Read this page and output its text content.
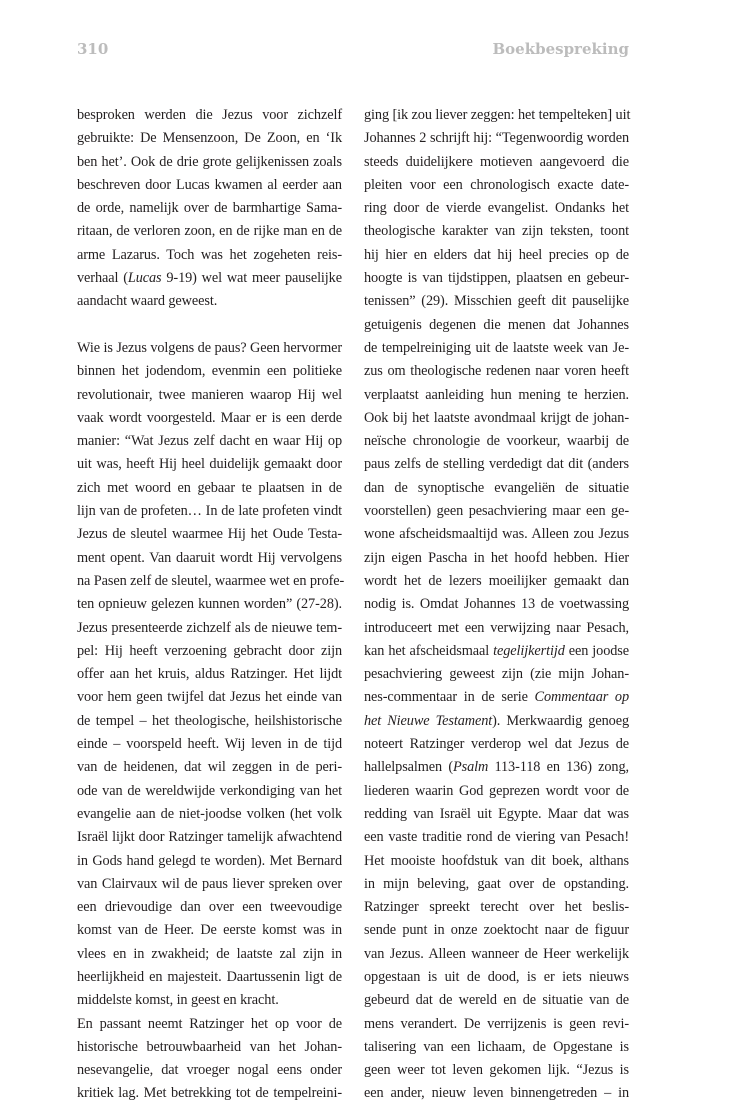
310	Boekbespreking
besproken werden die Jezus voor zichzelf
gebruikte: De Mensenzoon, De Zoon, en ‘Ik
ben het’. Ook de drie grote gelijkenissen zoals
beschreven door Lucas kwamen al eerder aan
de orde, namelijk over de barmhartige Sama-
ritaan, de verloren zoon, en de rijke man en de
arme Lazarus. Toch was het zogeheten reis-
verhaal (Lucas 9-19) wel wat meer pauselijke
aandacht waard geweest.
Wie is Jezus volgens de paus? Geen hervormer
binnen het jodendom, evenmin een politieke
revolutionair, twee manieren waarop Hij wel
vaak wordt voorgesteld. Maar er is een derde
manier: “Wat Jezus zelf dacht en waar Hij op
uit was, heeft Hij heel duidelijk gemaakt door
zich met woord en gebaar te plaatsen in de
lijn van de profeten… In de late profeten vindt
Jezus de sleutel waarmee Hij het Oude Testa-
ment opent. Van daaruit wordt Hij vervolgens
na Pasen zelf de sleutel, waarmee wet en profe-
ten opnieuw gelezen kunnen worden” (27-28).
Jezus presenteerde zichzelf als de nieuwe tem-
pel: Hij heeft verzoening gebracht door zijn
offer aan het kruis, aldus Ratzinger. Het lijdt
voor hem geen twijfel dat Jezus het einde van
de tempel – het theologische, heilshistorische
einde – voorspeld heeft. Wij leven in de tijd
van de heidenen, dat wil zeggen in de peri-
ode van de wereldwijde verkondiging van het
evangelie aan de niet-joodse volken (het volk
Israël lijkt door Ratzinger tamelijk afwachtend
in Gods hand gelegd te worden). Met Bernard
van Clairvaux wil de paus liever spreken over
een drievoudige dan over een tweevoudige
komst van de Heer. De eerste komst was in
vlees en in zwakheid; de laatste zal zijn in
heerlijkheid en majesteit. Daartussenin ligt de
middelste komst, in geest en kracht.
En passant neemt Ratzinger het op voor de
historische betrouwbaarheid van het Johan-
nesevangelie, dat vroeger nogal eens onder
kritiek lag. Met betrekking tot de tempelreini-
ging [ik zou liever zeggen: het tempelteken] uit
Johannes 2 schrijft hij: “Tegenwoordig worden
steeds duidelijkere motieven aangevoerd die
pleiten voor een chronologisch exacte date-
ring door de vierde evangelist. Ondanks het
theologische karakter van zijn teksten, toont
hij hier en elders dat hij heel precies op de
hoogte is van tijdstippen, plaatsen en gebeur-
tenissen” (29). Misschien geeft dit pauselijke
getuigenis degenen die menen dat Johannes
de tempelreiniging uit de laatste week van Je-
zus om theologische redenen naar voren heeft
verplaatst aanleiding hun mening te herzien.
Ook bij het laatste avondmaal krijgt de johan-
neïsche chronologie de voorkeur, waarbij de
paus zelfs de stelling verdedigt dat dit (anders
dan de synoptische evangeliën de situatie
voorstellen) geen pesachviering maar een ge-
wone afscheidsmaaltijd was. Alleen zou Jezus
zijn eigen Pascha in het hoofd hebben. Hier
wordt het de lezers moeilijker gemaakt dan
nodig is. Omdat Johannes 13 de voetwassing
introduceert met een verwijzing naar Pesach,
kan het afscheidsmaal tegelijkertijd een joodse
pesachviering geweest zijn (zie mijn Johan-
nes-commentaar in de serie Commentaar op
het Nieuwe Testament). Merkwaardig genoeg
noteert Ratzinger verderop wel dat Jezus de
hallelpsalmen (Psalm 113-118 en 136) zong,
liederen waarin God geprezen wordt voor de
redding van Israël uit Egypte. Maar dat was
een vaste traditie rond de viering van Pesach!
Het mooiste hoofdstuk van dit boek, althans
in mijn beleving, gaat over de opstanding.
Ratzinger spreekt terecht over het beslis-
sende punt in onze zoektocht naar de figuur
van Jezus. Alleen wanneer de Heer werkelijk
opgestaan is uit de dood, is er iets nieuws
gebeurd dat de wereld en de situatie van de
mens verandert. De verrijzenis is geen revi-
talisering van een lichaam, de Opgestane is
geen weer tot leven gekomen lijk. “Jezus is
een ander, nieuw leven binnengetreden – in
